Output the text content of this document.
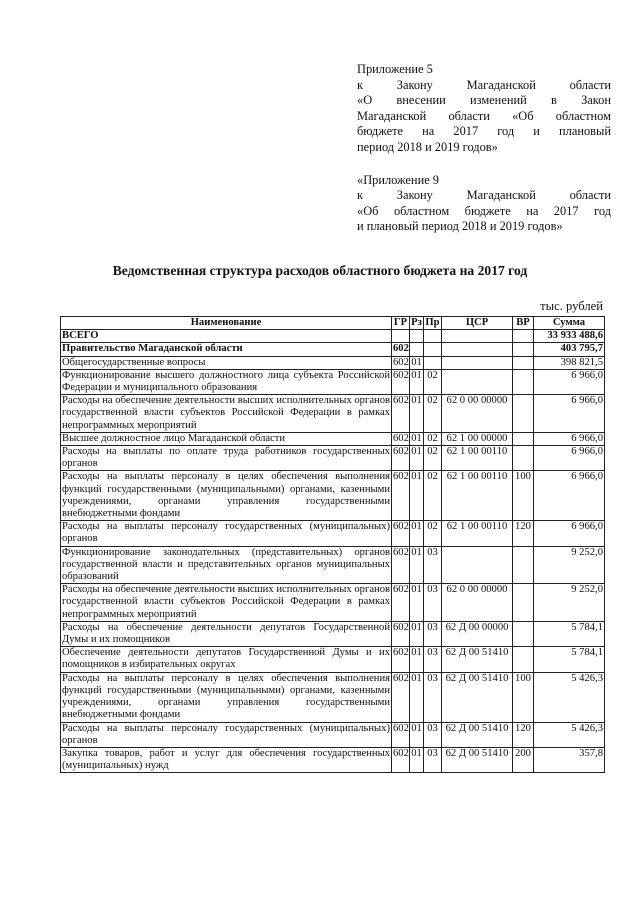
Приложение 5
к Закону Магаданской области
«О внесении изменений в Закон
Магаданской области «Об областном
бюджете на 2017 год и плановый
период 2018 и 2019 годов»
«Приложение 9
к Закону Магаданской области
«Об областном бюджете на 2017 год
и плановый период 2018 и 2019 годов»
Ведомственная структура расходов областного бюджета на 2017 год
тыс. рублей
Наименование	ГР	Рз	Пр	ЦСР	ВР	Сумма
ВСЕГО						33 933 488,6
Правительство Магаданской области	602					403 795,7
Общегосударственные вопросы	602	01				398 821,5
Функционирование высшего должностного лица субъекта Российской Федерации и муниципального образования	602	01	02			6 966,0
Расходы на обеспечение деятельности высших исполнительных органов государственной власти субъектов Российской Федерации в рамках непрограммных мероприятий	602	01	02	62 0 00 00000		6 966,0
Высшее должностное лицо Магаданской области	602	01	02	62 1 00 00000		6 966,0
Расходы на выплаты по оплате труда работников государственных органов	602	01	02	62 1 00 00110		6 966,0
Расходы на выплаты персоналу в целях обеспечения выполнения функций государственными (муниципальными) органами, казенными учреждениями, органами управления государственными внебюджетными фондами	602	01	02	62 1 00 00110	100	6 966,0
Расходы на выплаты персоналу государственных (муниципальных) органов	602	01	02	62 1 00 00110	120	6 966,0
Функционирование законодательных (представительных) органов государственной власти и представительных органов муниципальных образований	602	01	03			9 252,0
Расходы на обеспечение деятельности высших исполнительных органов государственной власти субъектов Российской Федерации в рамках непрограммных мероприятий	602	01	03	62 0 00 00000		9 252,0
Расходы на обеспечение деятельности депутатов Государственной Думы и их помощников	602	01	03	62 Д 00 00000		5 784,1
Обеспечение деятельности депутатов Государственной Думы и их помощников в избирательных округах	602	01	03	62 Д 00 51410		5 784,1
Расходы на выплаты персоналу в целях обеспечения выполнения функций государственными (муниципальными) органами, казенными учреждениями, органами управления государственными внебюджетными фондами	602	01	03	62 Д 00 51410	100	5 426,3
Расходы на выплаты персоналу государственных (муниципальных) органов	602	01	03	62 Д 00 51410	120	5 426,3
Закупка товаров, работ и услуг для обеспечения государственных (муниципальных) нужд	602	01	03	62 Д 00 51410	200	357,8
